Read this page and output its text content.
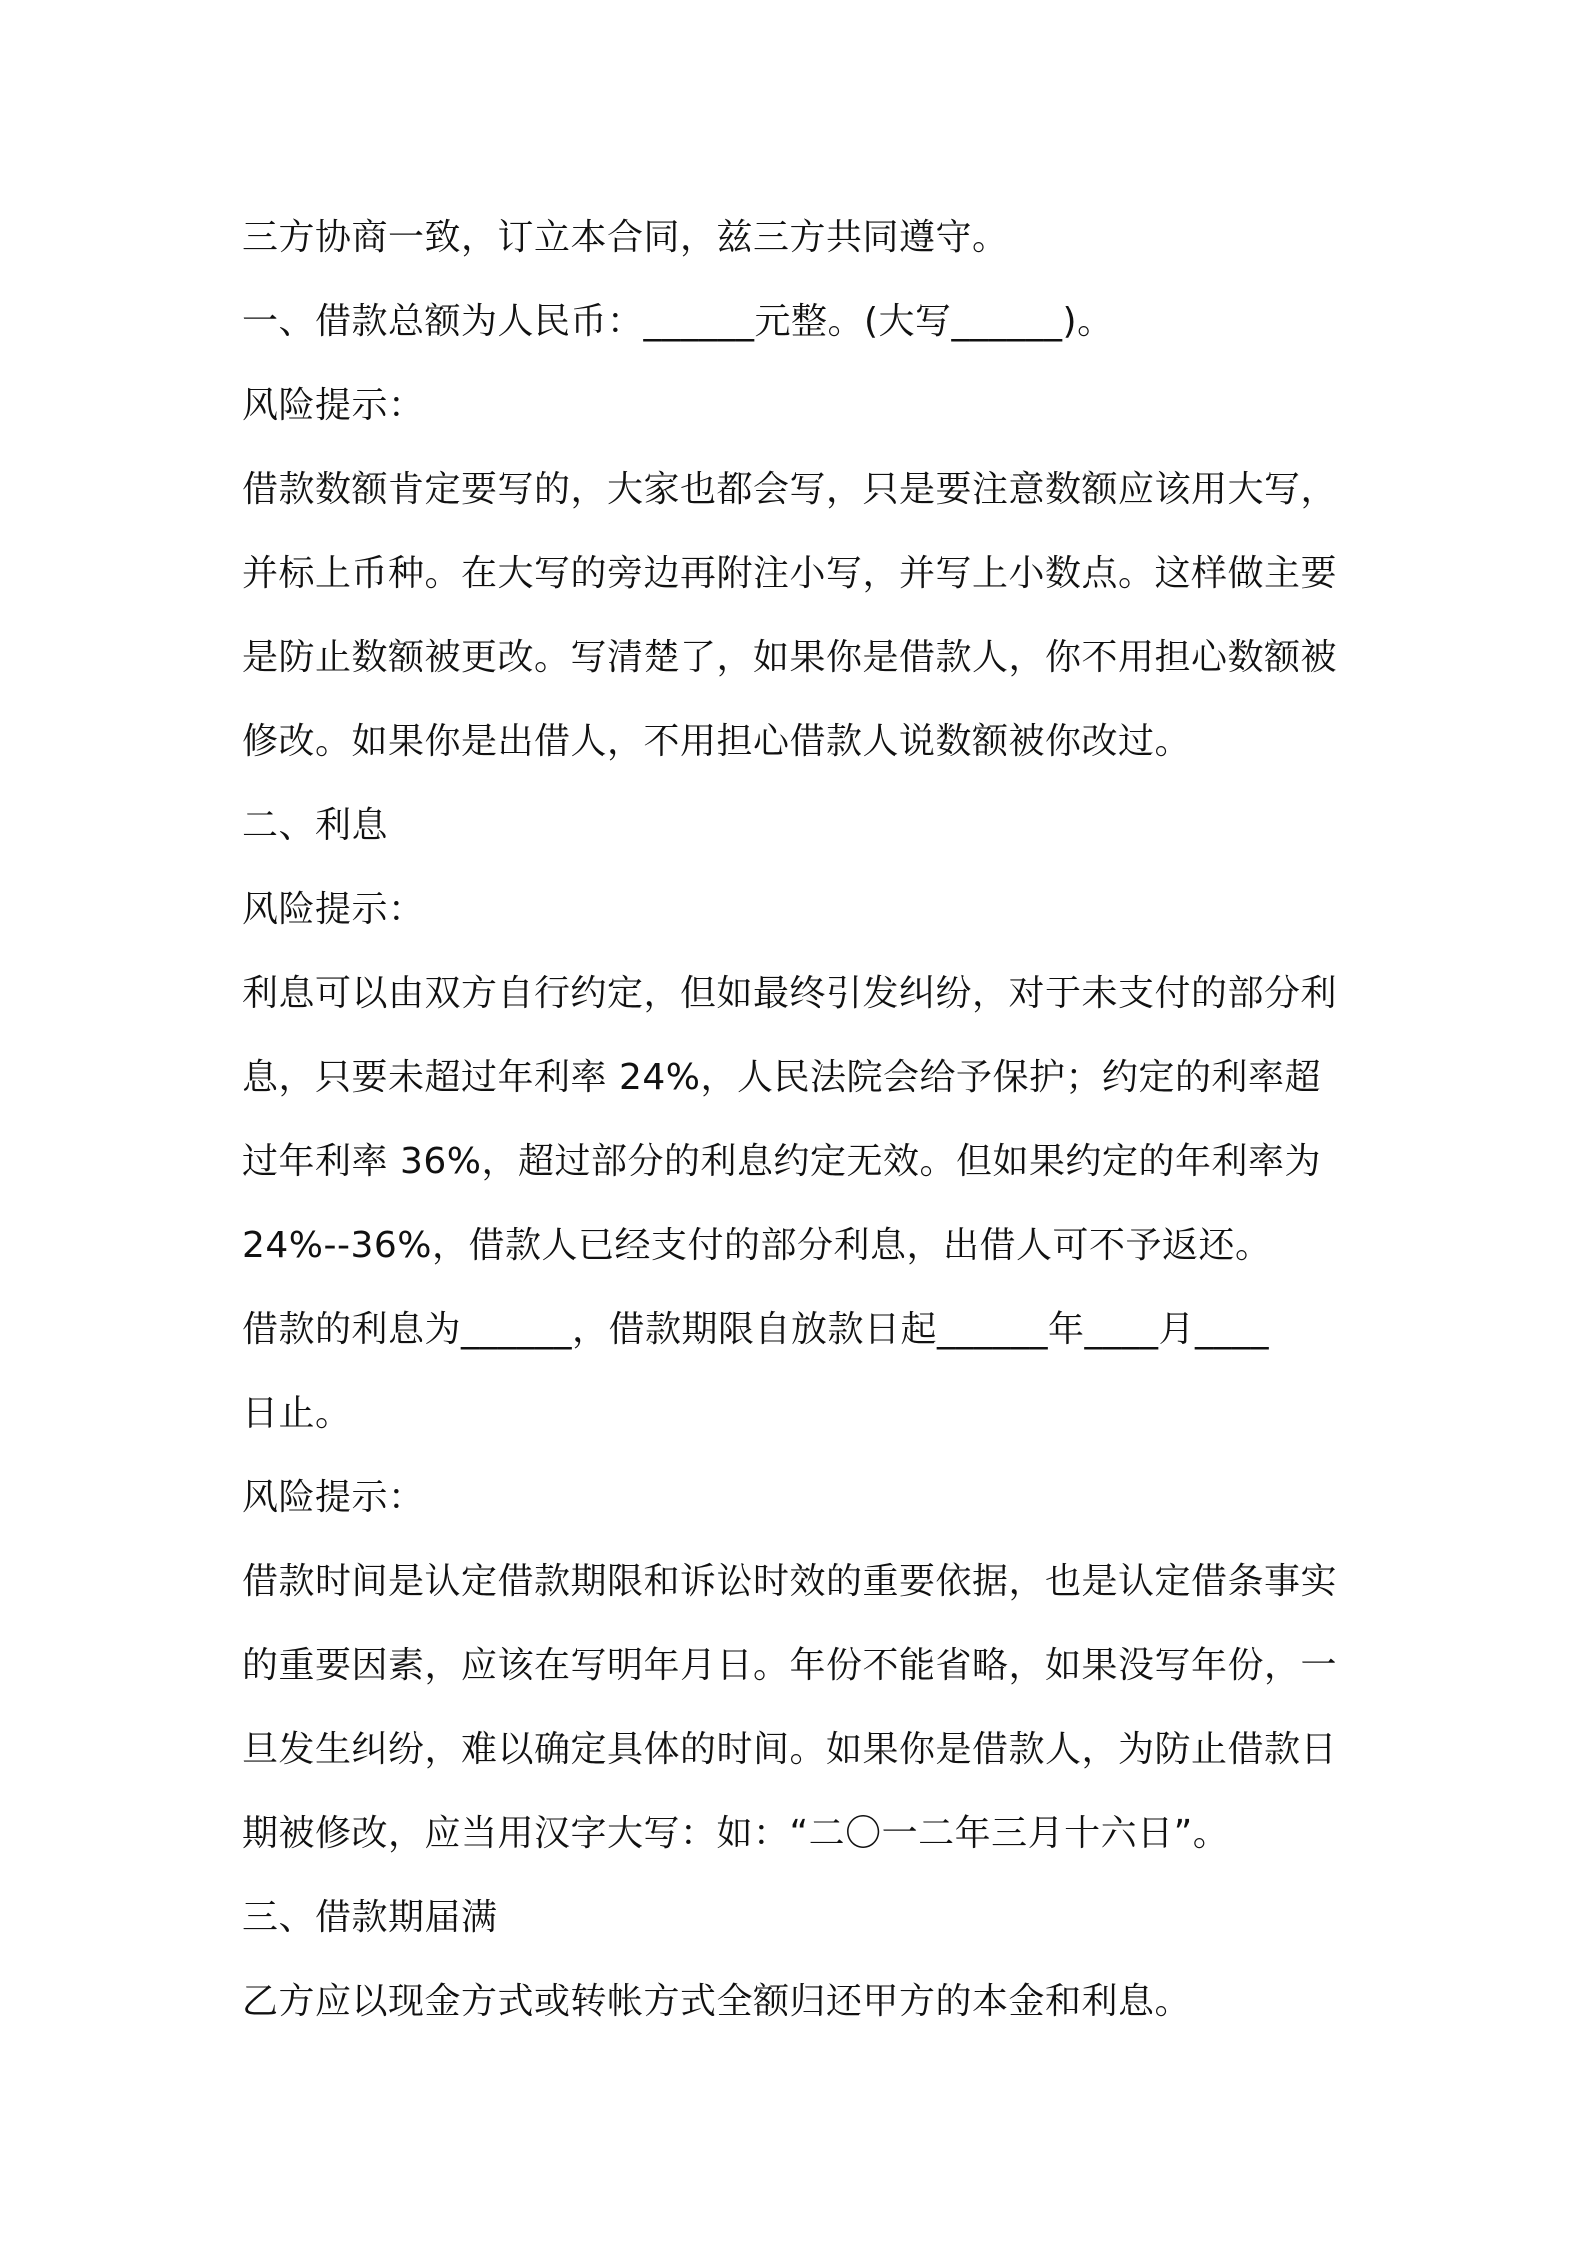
三方协商一致，订立本合同，兹三方共同遵守。
一、借款总额为人民币：______元整。(大写______)。
风险提示：
借款数额肯定要写的，大家也都会写，只是要注意数额应该用大写，
并标上币种。在大写的旁边再附注小写，并写上小数点。这样做主要
是防止数额被更改。写清楚了，如果你是借款人，你不用担心数额被
修改。如果你是出借人，不用担心借款人说数额被你改过。
二、利息
风险提示：
利息可以由双方自行约定，但如最终引发纠纷，对于未支付的部分利
息，只要未超过年利率 24%，人民法院会给予保护；约定的利率超
过年利率 36%，超过部分的利息约定无效。但如果约定的年利率为
24%--36%，借款人已经支付的部分利息，出借人可不予返还。
借款的利息为______，借款期限自放款日起______年____月____
日止。
风险提示：
借款时间是认定借款期限和诉讼时效的重要依据，也是认定借条事实
的重要因素，应该在写明年月日。年份不能省略，如果没写年份，一
旦发生纠纷，难以确定具体的时间。如果你是借款人，为防止借款日
期被修改，应当用汉字大写：如：“二〇一二年三月十六日”。
三、借款期届满
乙方应以现金方式或转帐方式全额归还甲方的本金和利息。
